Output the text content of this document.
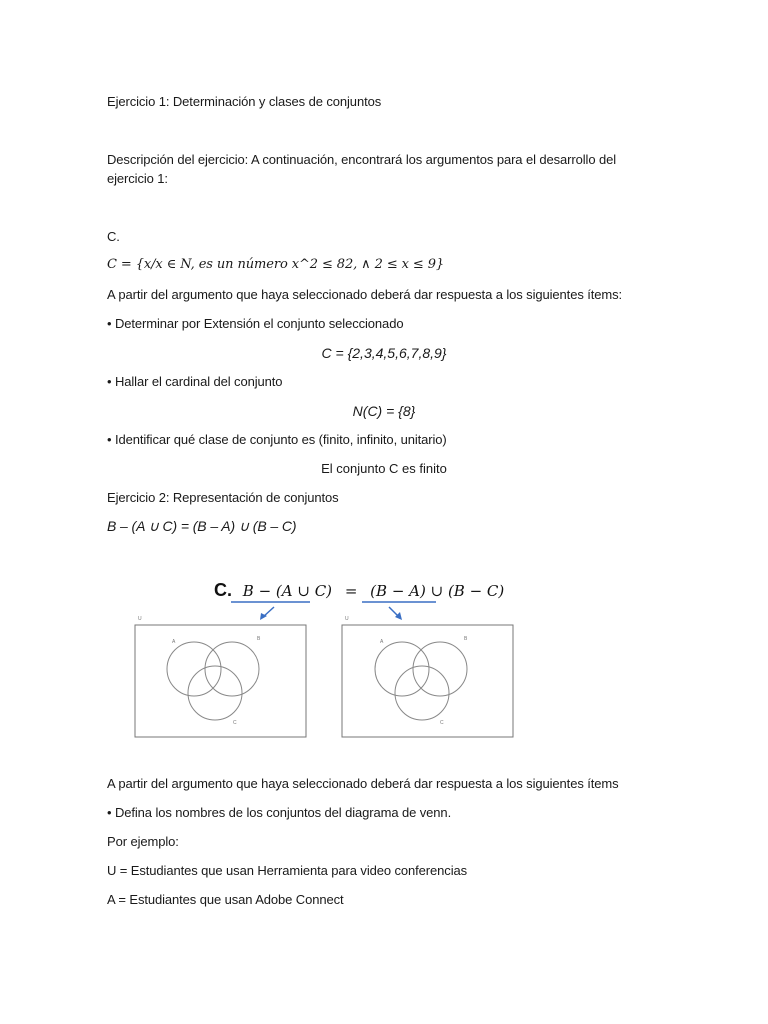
Ejercicio 1: Determinación y clases de conjuntos
Descripción del ejercicio: A continuación, encontrará los argumentos para el desarrollo del
ejercicio 1:
C.
C = {x/x ∈ N, es un número x^2 ≤ 82, ∧ 2 ≤ x ≤ 9}
A partir del argumento que haya seleccionado deberá dar respuesta a los siguientes ítems:
• Determinar por Extensión el conjunto seleccionado
C = {2,3,4,5,6,7,8,9}
• Hallar el cardinal del conjunto
N(C) = {8}
• Identificar qué clase de conjunto es (finito, infinito, unitario)
El conjunto C es finito
Ejercicio 2: Representación de conjuntos
B – (A ∪ C) = (B – A) ∪ (B – C)
C. B − (A ∪ C) = (B − A) ∪ (B − C)
U
A	B
C
U
A	B
C
A partir del argumento que haya seleccionado deberá dar respuesta a los siguientes ítems
• Defina los nombres de los conjuntos del diagrama de venn.
Por ejemplo:
U = Estudiantes que usan Herramienta para video conferencias
A = Estudiantes que usan Adobe Connect
